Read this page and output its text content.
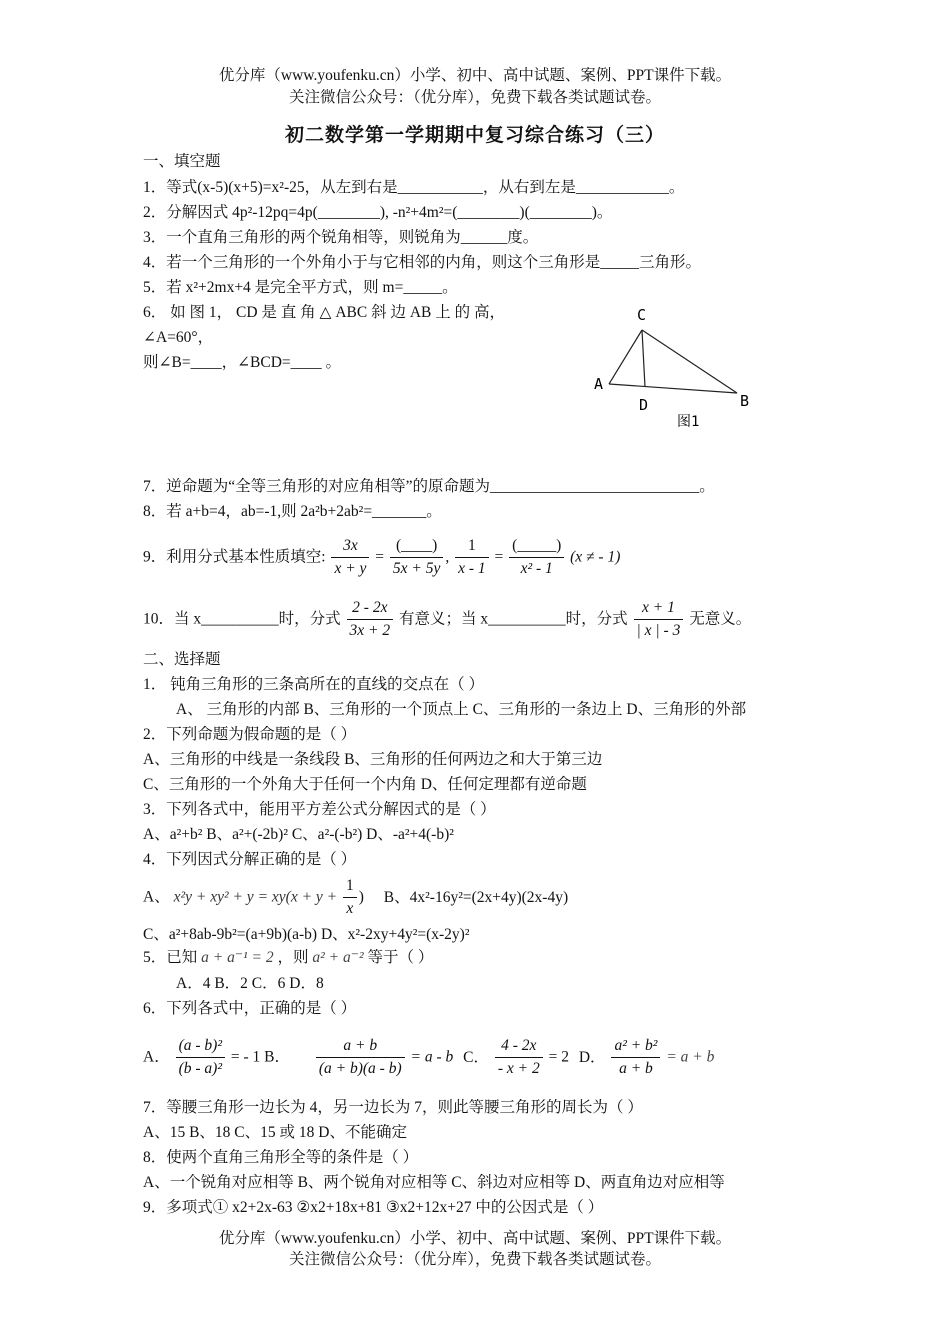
优分库（www.youfenku.cn）小学、初中、高中试题、案例、PPT课件下载。
关注微信公众号：（优分库），免费下载各类试题试卷。
初二数学第一学期期中复习综合练习（三）
一、填空题
1．等式(x-5)(x+5)=x²-25，从左到右是___________，从右到左是____________。
2．分解因式 4p²-12pq=4p(________), -n²+4m²=(________)(________)。
3．一个直角三角形的两个锐角相等，则锐角为______度。
4．若一个三角形的一个外角小于与它相邻的内角，则这个三角形是_____三角形。
5．若 x²+2mx+4 是完全平方式，则 m=_____。
6． 如 图 1， CD 是 直 角 △ ABC 斜 边 AB 上 的 高，
∠A=60°，
则∠B=____，∠BCD=____ 。
C
A
D	B
图1
7．逆命题为“全等三角形的对应角相等”的原命题为___________________________。
8．若 a+b=4，ab=-1,则 2a²b+2ab²=_______。
9．利用分式基本性质填空: $\frac{3x}{x + y} = \frac{(\_\_\_\_)}{5x + 5y}$ , $\frac{1}{x - 1} = \frac{(\_\_\_\_\_)}{\text{x² - 1}} (x$ ≠ - 1)
10．当 x__________时，分式 $\frac{2 - 2x}{3x + 2}$ 有意义；当 x__________时，分式 $\frac{x + 1}{| x | - 3}$ 无意义。
二、选择题
1． 钝角三角形的三条高所在的直线的交点在（ ）
A、 三角形的内部 B、三角形的一个顶点上 C、三角形的一条边上 D、三角形的外部
2．下列命题为假命题的是（ ）
A、三角形的中线是一条线段 B、三角形的任何两边之和大于第三边
C、三角形的一个外角大于任何一个内角 D、任何定理都有逆命题
3．下列各式中，能用平方差公式分解因式的是（ ）
A、a²+b² B、a²+(-2b)² C、a²-(-b²) D、-a²+4(-b)²
4．下列因式分解正确的是（ ）
A、 $x^2y + xy^2 + y = xy(x + y + \frac{1}{x}$ ) B、4x²-16y²=(2x+4y)(2x-4y)
C、a²+8ab-9b²=(a+9b)(a-b) D、x²-2xy+4y²=(x-2y)²
5．已知 a + a⁻¹ = 2 ，则 a² + a⁻² 等于（ ）
A．4 B．2 C．6 D．8
6．下列各式中，正确的是（ ）
A． $\frac{\text{(a - b)²}}{\text{(b - a)²}}$ = - 1 B． $\frac{a + b}{(a + b)(a - b)} = a - b$ C． $\frac{4 - 2x}{- x + 2} = 2$ D． $\frac{\text{a² + b²}}{a + b} = a + b$
7．等腰三角形一边长为 4，另一边长为 7，则此等腰三角形的周长为（ ）
A、15 B、18 C、15 或 18 D、不能确定
8．使两个直角三角形全等的条件是（ ）
A、一个锐角对应相等 B、两个锐角对应相等 C、斜边对应相等 D、两直角边对应相等
9．多项式① x2+2x-63 ②x2+18x+81 ③x2+12x+27 中的公因式是（ ）
优分库（www.youfenku.cn）小学、初中、高中试题、案例、PPT课件下载。
关注微信公众号：（优分库），免费下载各类试题试卷。
